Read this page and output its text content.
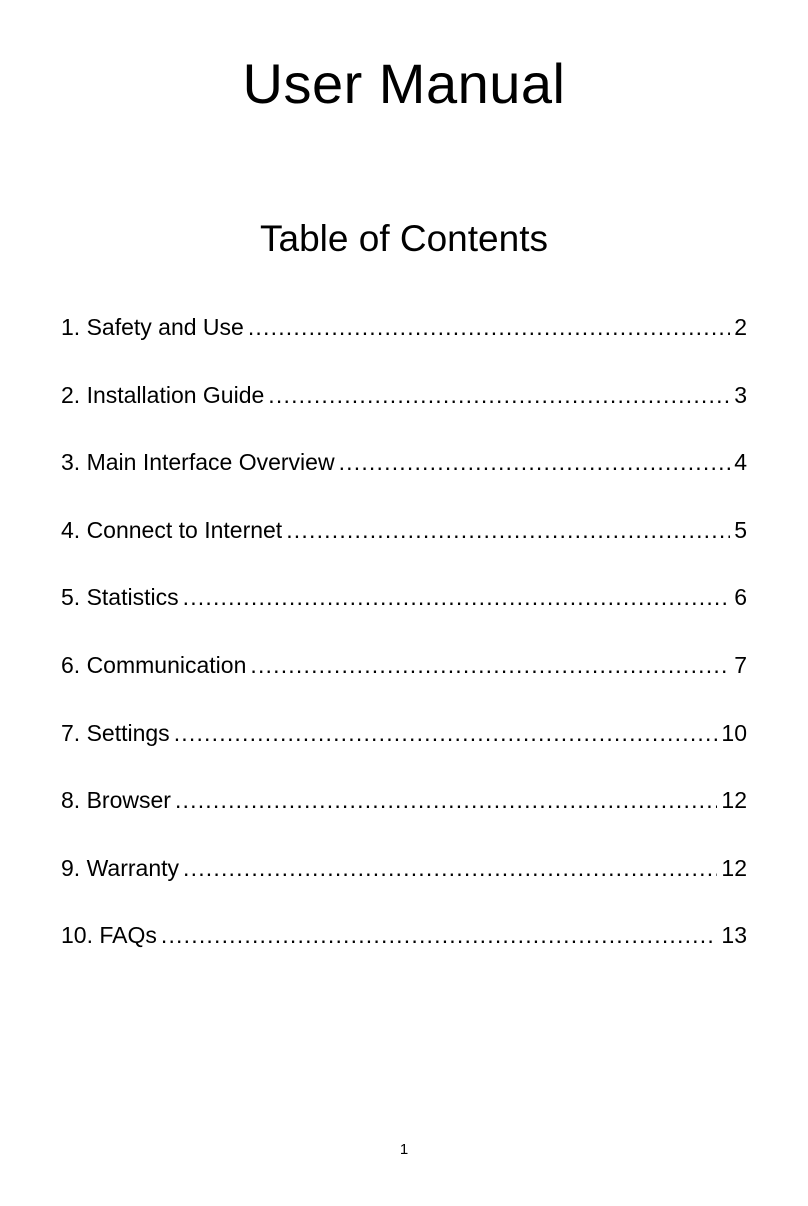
User Manual
Table of Contents
1. Safety and Use .....	2
2. Installation Guide .....	3
3. Main Interface Overview .....	4
4. Connect to Internet .....	5
5. Statistics .....	6
6. Communication .....	7
7. Settings .....	10
8. Browser .....	12
9. Warranty .....	12
10. FAQs .....	13
1
